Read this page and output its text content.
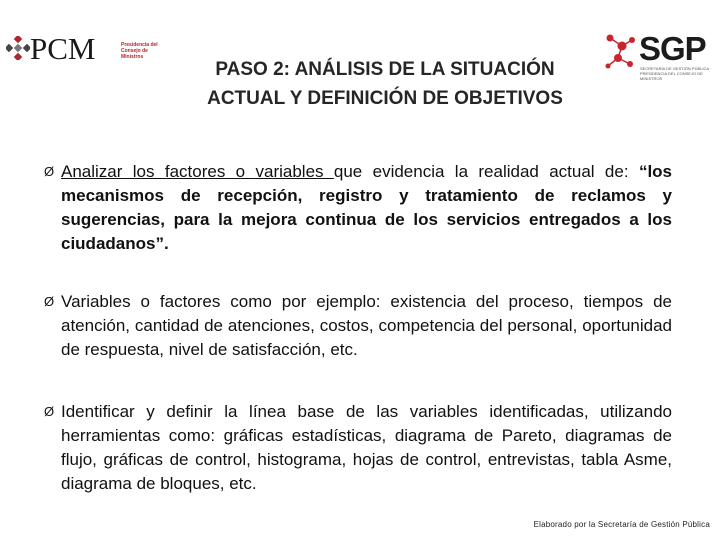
PCM	Presidencia del Consejo de Ministros
PASO 2: ANÁLISIS DE LA SITUACIÓN
ACTUAL Y DEFINICIÓN DE OBJETIVOS
SGP
SECRETARÍA DE GESTIÓN PÚBLICA · PRESIDENCIA DEL CONSEJO DE MINISTROS
Ø Analizar los factores o variables que evidencia la realidad actual de: “los mecanismos de recepción, registro y tratamiento de reclamos y sugerencias, para la mejora continua de los servicios entregados a los ciudadanos”.
Ø Variables o factores como por ejemplo: existencia del proceso, tiempos de atención, cantidad de atenciones, costos, competencia del personal, oportunidad de respuesta, nivel de satisfacción, etc.
Ø Identificar y definir la línea base de las variables identificadas, utilizando herramientas como: gráficas estadísticas, diagrama de Pareto, diagramas de flujo, gráficas de control, histograma, hojas de control, entrevistas, tabla Asme, diagrama de bloques, etc.
Elaborado por la Secretaría de Gestión Pública
